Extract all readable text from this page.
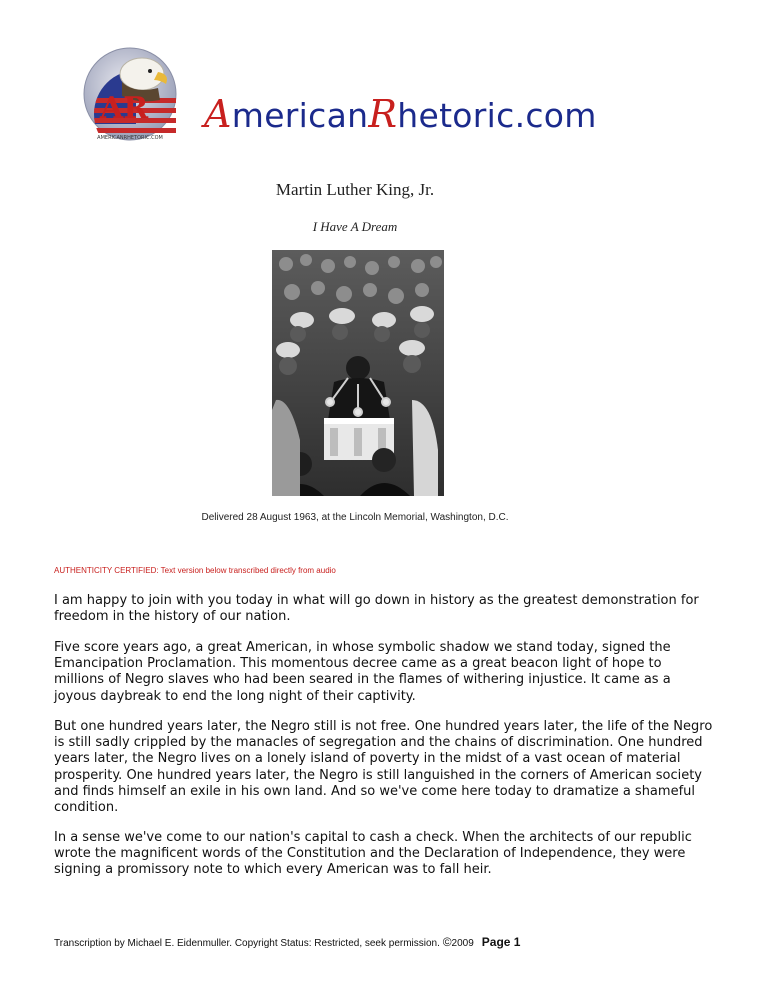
AR
AMERICANRHETORIC.COM
AmericanRhetoric.com
Martin Luther King, Jr.
I Have A Dream
Delivered 28 August 1963, at the Lincoln Memorial, Washington, D.C.
AUTHENTICITY CERTIFIED: Text version below transcribed directly from audio
I am happy to join with you today in what will go down in history as the greatest demonstration for freedom in the history of our nation.
Five score years ago, a great American, in whose symbolic shadow we stand today, signed the Emancipation Proclamation. This momentous decree came as a great beacon light of hope to millions of Negro slaves who had been seared in the flames of withering injustice. It came as a joyous daybreak to end the long night of their captivity.
But one hundred years later, the Negro still is not free. One hundred years later, the life of the Negro is still sadly crippled by the manacles of segregation and the chains of discrimination. One hundred years later, the Negro lives on a lonely island of poverty in the midst of a vast ocean of material prosperity. One hundred years later, the Negro is still languished in the corners of American society and finds himself an exile in his own land. And so we've come here today to dramatize a shameful condition.
In a sense we've come to our nation's capital to cash a check. When the architects of our republic wrote the magnificent words of the Constitution and the Declaration of Independence, they were signing a promissory note to which every American was to fall heir.
Transcription by Michael E. Eidenmuller. Copyright Status: Restricted, seek permission. ©2009 Page 1
